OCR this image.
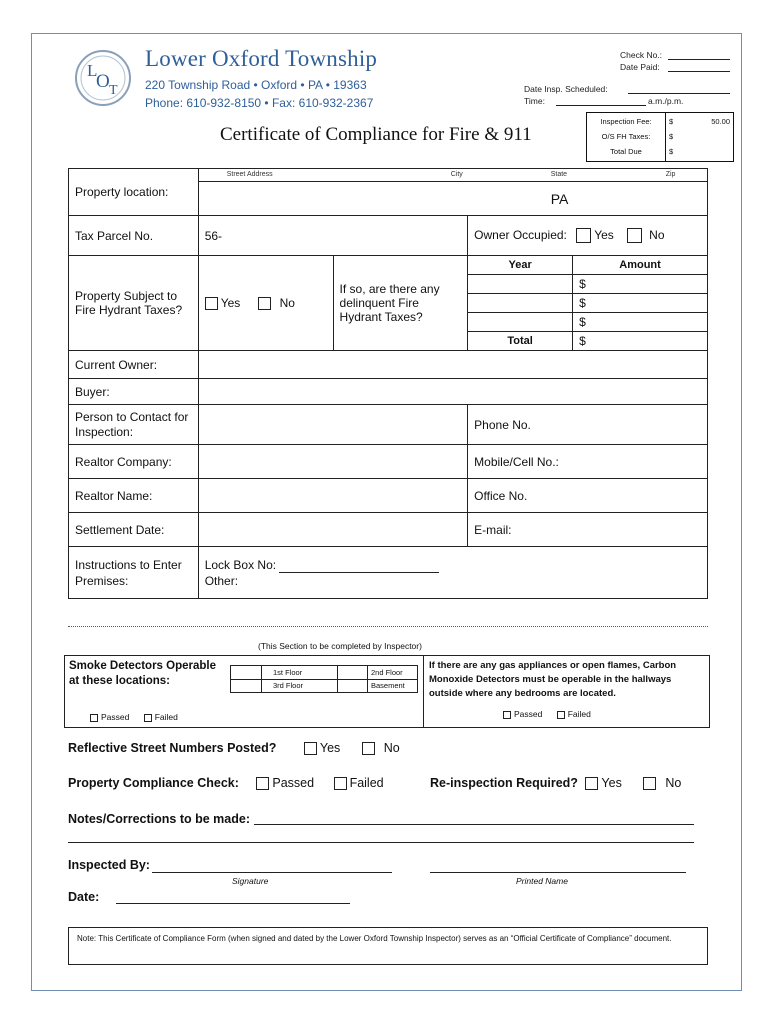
L
O T
Lower Oxford Township
220 Township Road • Oxford • PA • 19363
Phone: 610-932-8150 • Fax: 610-932-2367
Check No.:
Date Paid:
Date Insp. Scheduled:
Time:	a.m./p.m.
Certificate of Compliance for Fire & 911
Inspection Fee:	$	50.00
O/S FH Taxes:	$
Total Due	$
Property location:	Street Address City State Zip
PA			

Tax Parcel No.	56-		Owner Occupied: Yes No	
Property Subject to Fire Hydrant Taxes?	Yes No	If so, are there any delinquent Fire Hydrant Taxes?	Year	Amount
				$
				$
				$
			Total	$
Current Owner:				
Buyer:				
Person to Contact for Inspection:			Phone No.	
Realtor Company:			Mobile/Cell No.:	
Realtor Name:			Office No.	
Settlement Date:			E-mail:	
Instructions to Enter Premises:	Lock Box No:
Other:			
(This Section to be completed by Inspector)
Smoke Detectors Operable at these locations:
1st Floor	2nd Floor
3rd Floor	Basement
Passed	Failed
If there are any gas appliances or open flames, Carbon Monoxide Detectors must be operable in the hallways outside where any bedrooms are located.
Passed	Failed
Reflective Street Numbers Posted?	Yes	No
Property Compliance Check:	Passed	Failed	Re-inspection Required? Yes	No
Notes/Corrections to be made:
Inspected By:
Signature	Printed Name
Date:
Note: This Certificate of Compliance Form (when signed and dated by the Lower Oxford Township Inspector) serves as an “Official Certificate of Compliance” document.
